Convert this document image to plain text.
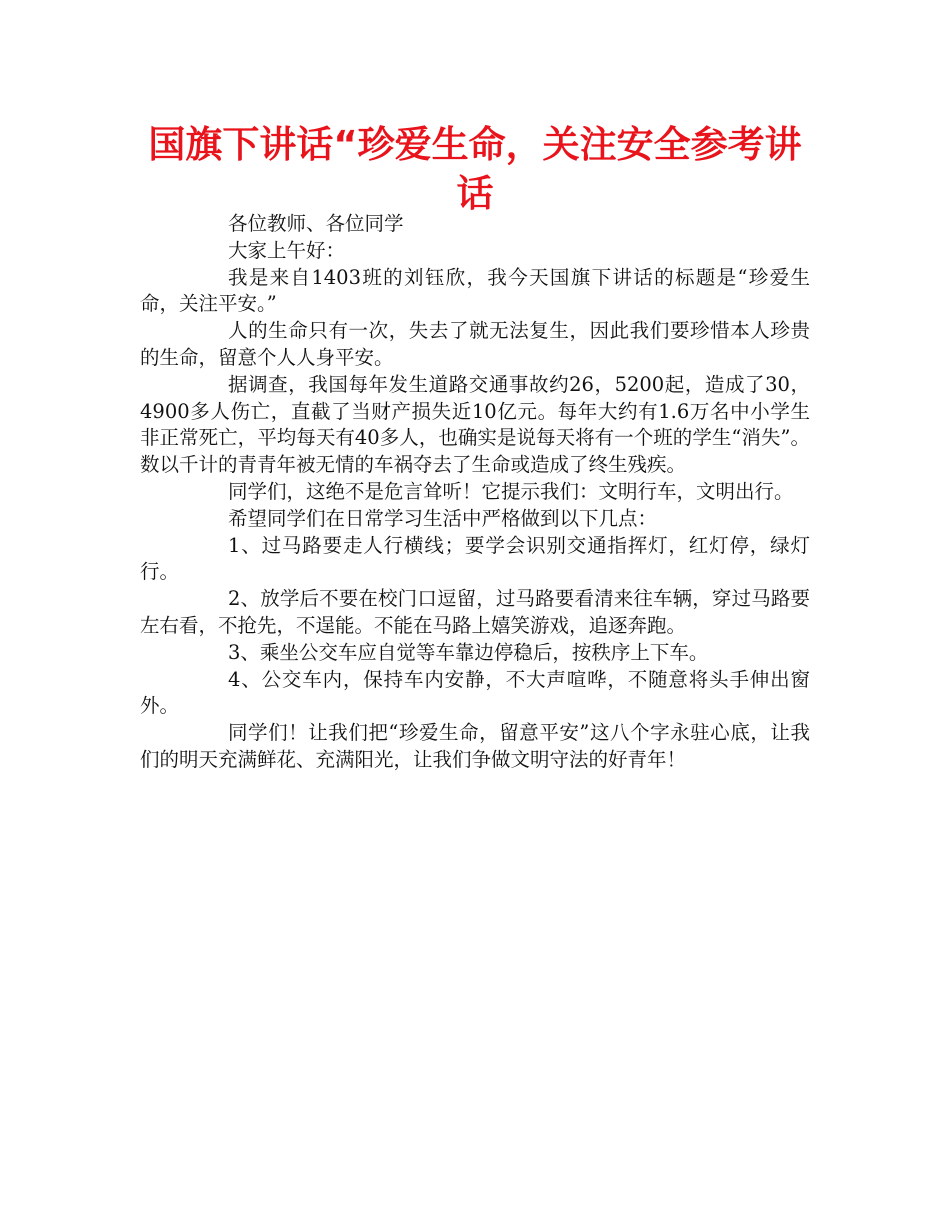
国旗下讲话“珍爱生命，关注安全参考讲话

各位教师、各位同学

大家上午好：

我是来自1403班的刘钰欣，我今天国旗下讲话的标题是“珍爱生命，关注平安。”

人的生命只有一次，失去了就无法复生，因此我们要珍惜本人珍贵的生命，留意个人人身平安。

据调查，我国每年发生道路交通事故约26，5200起，造成了30，4900多人伤亡，直截了当财产损失近10亿元。每年大约有1.6万名中小学生非正常死亡，平均每天有40多人，也确实是说每天将有一个班的学生“消失”。数以千计的青青年被无情的车祸夺去了生命或造成了终生残疾。

同学们，这绝不是危言耸听！它提示我们：文明行车，文明出行。

希望同学们在日常学习生活中严格做到以下几点：

1、过马路要走人行横线；要学会识别交通指挥灯，红灯停，绿灯行。

2、放学后不要在校门口逗留，过马路要看清来往车辆，穿过马路要左右看，不抢先，不逞能。不能在马路上嬉笑游戏，追逐奔跑。

3、乘坐公交车应自觉等车靠边停稳后，按秩序上下车。

4、公交车内，保持车内安静，不大声喧哗，不随意将头手伸出窗外。

同学们！让我们把“珍爱生命，留意平安”这八个字永驻心底，让我们的明天充满鲜花、充满阳光，让我们争做文明守法的好青年！
